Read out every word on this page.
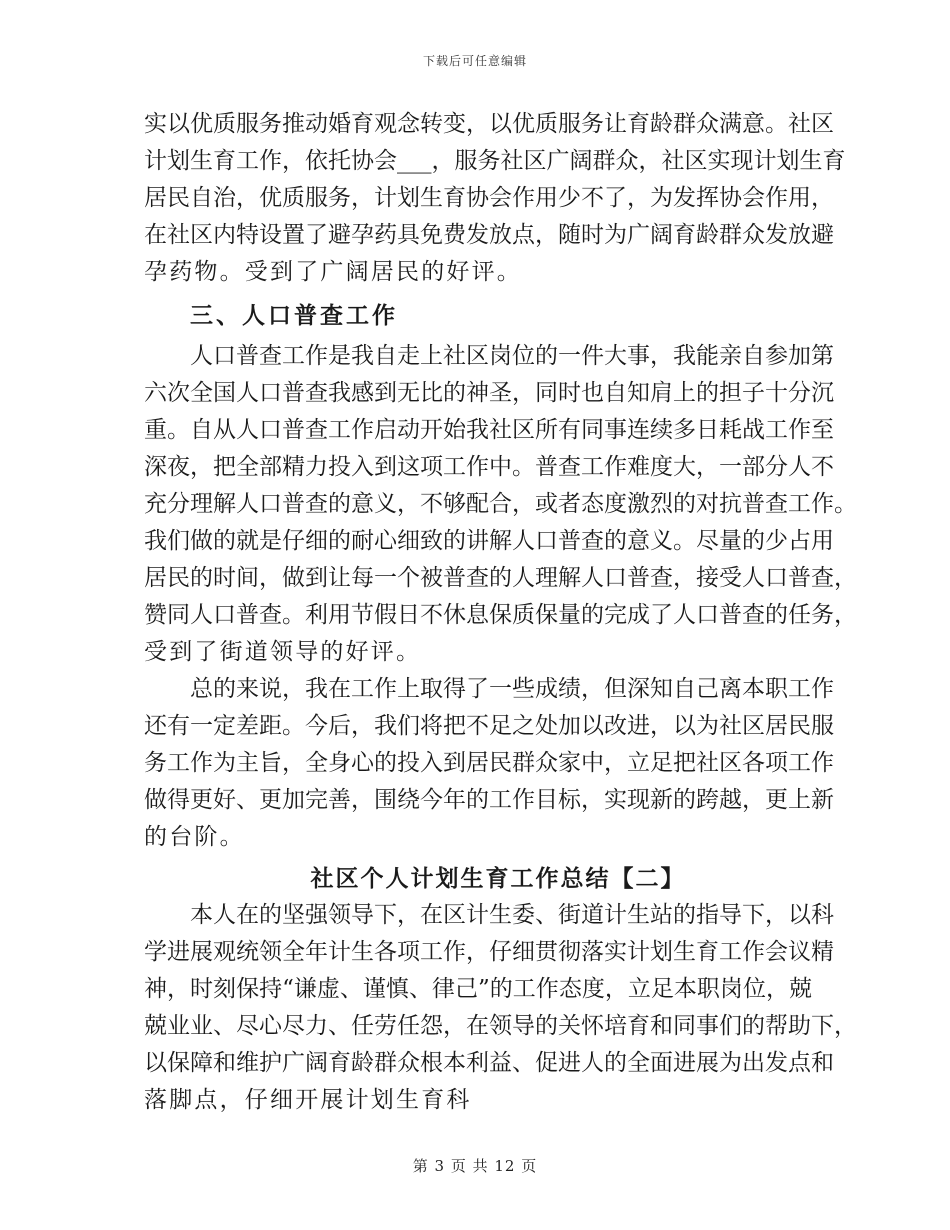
下载后可任意编辑
实以优质服务推动婚育观念转变，以优质服务让育龄群众满意。社区
计划生育工作，依托协会___，服务社区广阔群众，社区实现计划生育
居民自治，优质服务，计划生育协会作用少不了，为发挥协会作用，
在社区内特设置了避孕药具免费发放点，随时为广阔育龄群众发放避
孕药物。受到了广阔居民的好评。
三、人口普查工作
人口普查工作是我自走上社区岗位的一件大事，我能亲自参加第
六次全国人口普查我感到无比的神圣，同时也自知肩上的担子十分沉
重。自从人口普查工作启动开始我社区所有同事连续多日耗战工作至
深夜，把全部精力投入到这项工作中。普查工作难度大，一部分人不
充分理解人口普查的意义，不够配合，或者态度激烈的对抗普查工作。
我们做的就是仔细的耐心细致的讲解人口普查的意义。尽量的少占用
居民的时间，做到让每一个被普查的人理解人口普查，接受人口普查，
赞同人口普查。利用节假日不休息保质保量的完成了人口普查的任务，
受到了街道领导的好评。
总的来说，我在工作上取得了一些成绩，但深知自己离本职工作
还有一定差距。今后，我们将把不足之处加以改进，以为社区居民服
务工作为主旨，全身心的投入到居民群众家中，立足把社区各项工作
做得更好、更加完善，围绕今年的工作目标，实现新的跨越，更上新
的台阶。
社区个人计划生育工作总结【二】
本人在的坚强领导下，在区计生委、街道计生站的指导下，以科
学进展观统领全年计生各项工作，仔细贯彻落实计划生育工作会议精
神，时刻保持“谦虚、谨慎、律己”的工作态度，立足本职岗位，兢
兢业业、尽心尽力、任劳任怨，在领导的关怀培育和同事们的帮助下，
以保障和维护广阔育龄群众根本利益、促进人的全面进展为出发点和
落脚点，仔细开展计划生育科
第 3 页 共 12 页
